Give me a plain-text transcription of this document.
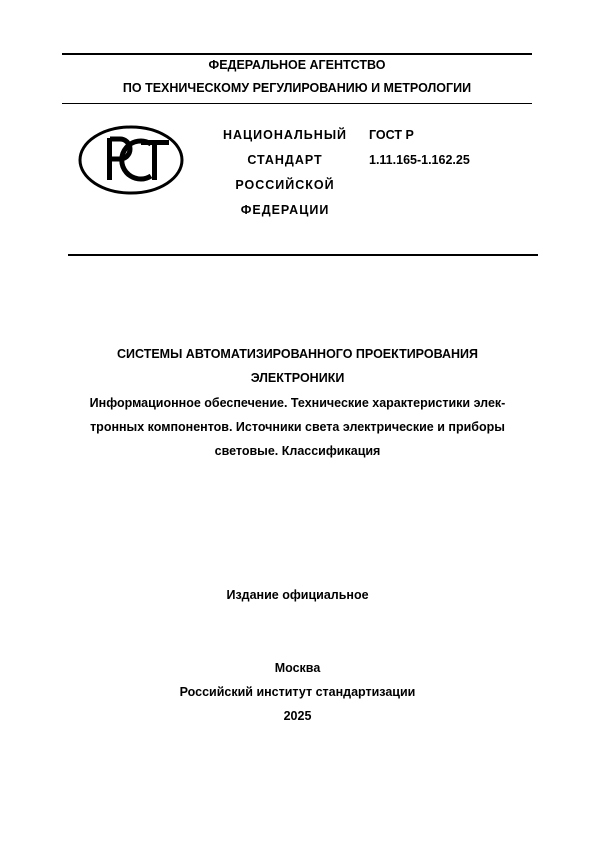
ФЕДЕРАЛЬНОЕ АГЕНТСТВО
ПО ТЕХНИЧЕСКОМУ РЕГУЛИРОВАНИЮ И МЕТРОЛОГИИ
НАЦИОНАЛЬНЫЙ
СТАНДАРТ
РОССИЙСКОЙ
ФЕДЕРАЦИИ
ГОСТ Р
1.11.165-1.162.25
СИСТЕМЫ АВТОМАТИЗИРОВАННОГО ПРОЕКТИРОВАНИЯ
ЭЛЕКТРОНИКИ
Информационное обеспечение. Технические характеристики элек-
тронных компонентов. Источники света электрические и приборы
световые. Классификация
Издание официальное
Москва
Российский институт стандартизации
2025
